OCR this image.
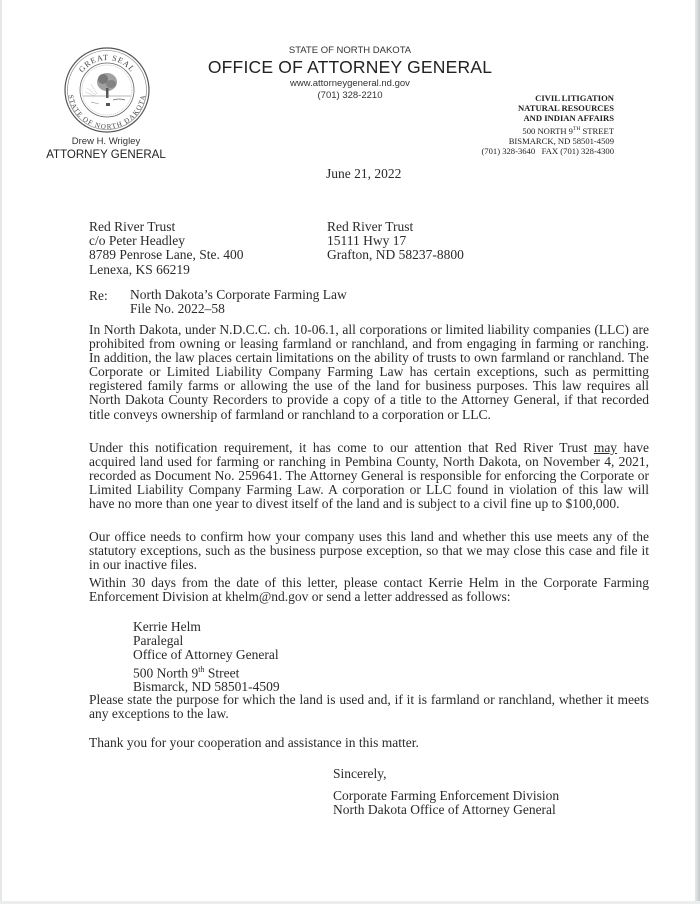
GREAT SEAL
STATE OF NORTH DAKOTA
Drew H. Wrigley
ATTORNEY GENERAL
STATE OF NORTH DAKOTA
OFFICE OF ATTORNEY GENERAL
www.attorneygeneral.nd.gov
(701) 328-2210	CIVIL LITIGATION
NATURAL RESOURCES
AND INDIAN AFFAIRS
500 NORTH 9TH STREET
BISMARCK, ND 58501-4509
(701) 328-3640   FAX (701) 328-4300
June 21, 2022
Red River Trust
c/o Peter Headley
8789 Penrose Lane, Ste. 400
Lenexa, KS 66219
Red River Trust
15111 Hwy 17
Grafton, ND 58237-8800
Re: North Dakota’s Corporate Farming Law
File No. 2022–58
In North Dakota, under N.D.C.C. ch. 10-06.1, all corporations or limited liability companies (LLC) are prohibited from owning or leasing farmland or ranchland, and from engaging in farming or ranching. In addition, the law places certain limitations on the ability of trusts to own farmland or ranchland. The Corporate or Limited Liability Company Farming Law has certain exceptions, such as permitting registered family farms or allowing the use of the land for business purposes. This law requires all North Dakota County Recorders to provide a copy of a title to the Attorney General, if that recorded title conveys ownership of farmland or ranchland to a corporation or LLC.
Under this notification requirement, it has come to our attention that Red River Trust may have acquired land used for farming or ranching in Pembina County, North Dakota, on November 4, 2021, recorded as Document No. 259641. The Attorney General is responsible for enforcing the Corporate or Limited Liability Company Farming Law. A corporation or LLC found in violation of this law will have no more than one year to divest itself of the land and is subject to a civil fine up to $100,000.
Our office needs to confirm how your company uses this land and whether this use meets any of the statutory exceptions, such as the business purpose exception, so that we may close this case and file it in our inactive files.
Within 30 days from the date of this letter, please contact Kerrie Helm in the Corporate Farming Enforcement Division at khelm@nd.gov or send a letter addressed as follows:
Kerrie Helm
Paralegal
Office of Attorney General
500 North 9th Street
Bismarck, ND 58501-4509
Please state the purpose for which the land is used and, if it is farmland or ranchland, whether it meets any exceptions to the law.
Thank you for your cooperation and assistance in this matter.
Sincerely,
Corporate Farming Enforcement Division
North Dakota Office of Attorney General
